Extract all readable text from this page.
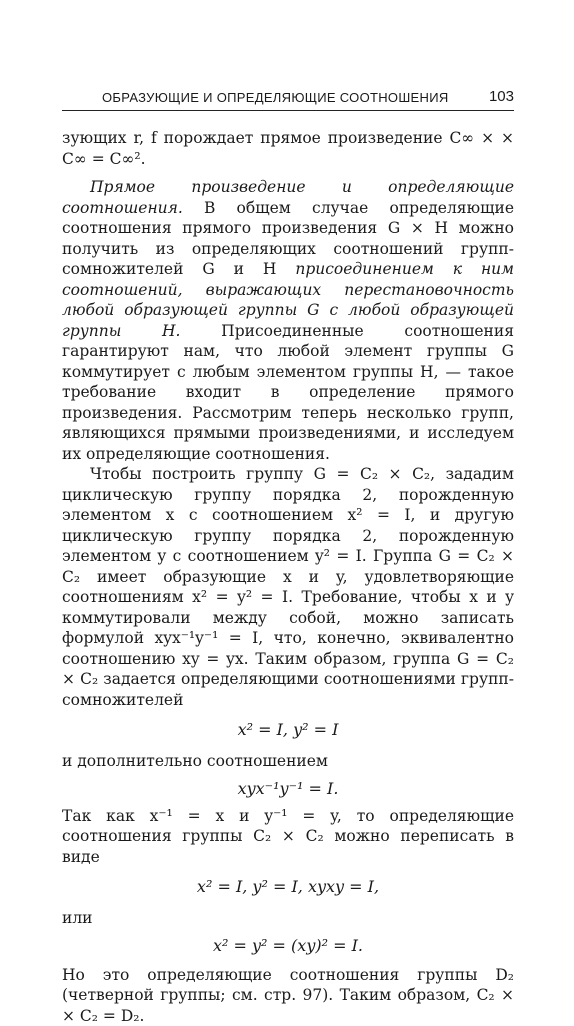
ОБРАЗУЮЩИЕ И ОПРЕДЕЛЯЮЩИЕ СООТНОШЕНИЯ	103

зующих r, f порождает прямое произведение C∞ × × C∞ = C∞².

Прямое произведение и определяющие соотношения. В общем случае определяющие соотношения прямого произведения G × H можно получить из определяющих соотношений групп-сомножителей G и H присоединением к ним соотношений, выражающих перестановочность любой образующей группы G с любой образующей группы H. Присоединенные соотношения гарантируют нам, что любой элемент группы G коммутирует с любым элементом группы H, — такое требование входит в определение прямого произведения. Рассмотрим теперь несколько групп, являющихся прямыми произведениями, и исследуем их определяющие соотношения.

Чтобы построить группу G = C₂ × C₂, зададим циклическую группу порядка 2, порожденную элементом x с соотношением x² = I, и другую циклическую группу порядка 2, порожденную элементом y с соотношением y² = I. Группа G = C₂ × C₂ имеет образующие x и y, удовлетворяющие соотношениям x² = y² = I. Требование, чтобы x и y коммутировали между собой, можно записать формулой xyx⁻¹y⁻¹ = I, что, конечно, эквивалентно соотношению xy = yx. Таким образом, группа G = C₂ × C₂ задается определяющими соотношениями групп-сомножителей

x² = I, y² = I

и дополнительно соотношением

xyx⁻¹y⁻¹ = I.

Так как x⁻¹ = x и y⁻¹ = y, то определяющие соотношения группы C₂ × C₂ можно переписать в виде

x² = I, y² = I, xyxy = I,

или

x² = y² = (xy)² = I.

Но это определяющие соотношения группы D₂ (четверной группы; см. стр. 97). Таким образом, C₂ × × C₂ = D₂.
